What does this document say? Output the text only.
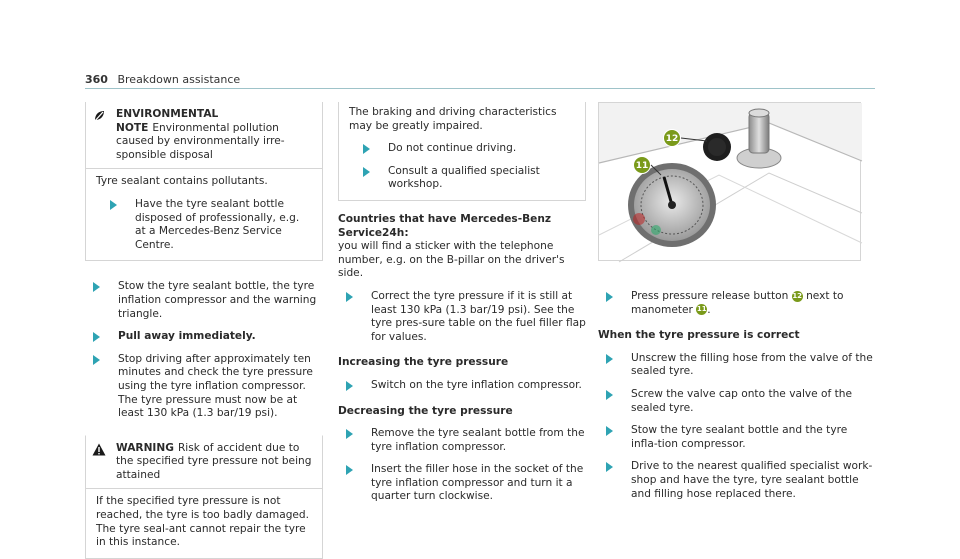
360 Breakdown assistance
ENVIRONMENTAL NOTE Environmental pollution caused by environmentally irre-sponsible disposal
Tyre sealant contains pollutants.
Have the tyre sealant bottle disposed of professionally, e.g. at a Mercedes-Benz Service Centre.
Stow the tyre sealant bottle, the tyre inflation compressor and the warning triangle.
Pull away immediately.
Stop driving after approximately ten minutes and check the tyre pressure using the tyre inflation compressor.
The tyre pressure must now be at least 130 kPa (1.3 bar/19 psi).
WARNING Risk of accident due to the specified tyre pressure not being attained
If the specified tyre pressure is not reached, the tyre is too badly damaged. The tyre seal-ant cannot repair the tyre in this instance.
The braking and driving characteristics may be greatly impaired.
Do not continue driving.
Consult a qualified specialist workshop.
Countries that have Mercedes-Benz Service24h:
you will find a sticker with the telephone number, e.g. on the B-pillar on the driver's side.
Correct the tyre pressure if it is still at least 130 kPa (1.3 bar/19 psi). See the tyre pres-sure table on the fuel filler flap for values.
Increasing the tyre pressure
Switch on the tyre inflation compressor.
Decreasing the tyre pressure
Remove the tyre sealant bottle from the tyre inflation compressor.
Insert the filler hose in the socket of the tyre inflation compressor and turn it a quarter turn clockwise.
12
11
Press pressure release button 12 next to manometer 11.
When the tyre pressure is correct
Unscrew the filling hose from the valve of the sealed tyre.
Screw the valve cap onto the valve of the sealed tyre.
Stow the tyre sealant bottle and the tyre infla-tion compressor.
Drive to the nearest qualified specialist work-shop and have the tyre, tyre sealant bottle and filling hose replaced there.
